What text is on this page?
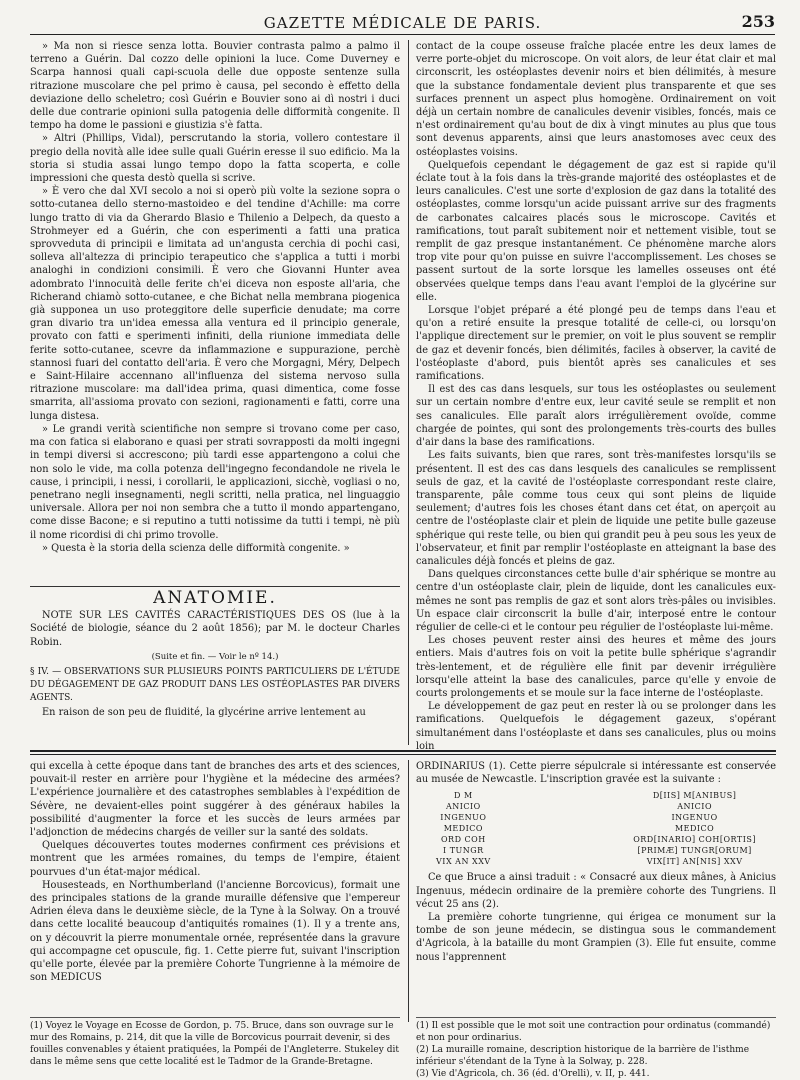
GAZETTE MÉDICALE DE PARIS.	253

» Ma non si riesce senza lotta. Bouvier contrasta palmo a palmo il terreno a Guérin. Dal cozzo delle opinioni la luce. Come Duverney e Scarpa hannosi quali capi-scuola delle due opposte sentenze sulla ritrazione muscolare che pel primo è causa, pel secondo è effetto della deviazione dello scheletro; così Guérin e Bouvier sono ai dì nostri i duci delle due contrarie opinioni sulla patogenia delle difformità congenite. Il tempo ha dome le passioni e giustizia s'è fatta.

» Altri (Phillips, Vidal), perscrutando la storia, vollero contestare il pregio della novità alle idee sulle quali Guérin eresse il suo edificio. Ma la storia si studia assai lungo tempo dopo la fatta scoperta, e colle impressioni che questa destò quella si scrive.

» È vero che dal XVI secolo a noi si operò più volte la sezione sopra o sotto-cutanea dello sterno-mastoideo e del tendine d'Achille: ma corre lungo tratto di via da Gherardo Blasio e Thilenio a Delpech, da questo a Strohmeyer ed a Guérin, che con esperimenti a fatti una pratica sprovveduta di principii e limitata ad un'angusta cerchia di pochi casi, solleva all'altezza di principio terapeutico che s'applica a tutti i morbi analoghi in condizioni consimili. È vero che Giovanni Hunter avea adombrato l'innocuità delle ferite ch'ei diceva non esposte all'aria, che Richerand chiamò sotto-cutanee, e che Bichat nella membrana piogenica già supponea un uso proteggitore delle superficie denudate; ma corre gran divario tra un'idea emessa alla ventura ed il principio generale, provato con fatti e sperimenti infiniti, della riunione immediata delle ferite sotto-cutanee, scevre da inflammazione e suppurazione, perchè stannosi fuari del contatto dell'aria. È vero che Morgagni, Méry, Delpech e Saint-Hilaire accennano all'influenza del sistema nervoso sulla ritrazione muscolare: ma dall'idea prima, quasi dimentica, come fosse smarrita, all'assioma provato con sezioni, ragionamenti e fatti, corre una lunga distesa.

» Le grandi verità scientifiche non sempre si trovano come per caso, ma con fatica si elaborano e quasi per strati sovrapposti da molti ingegni in tempi diversi si accrescono; più tardi esse appartengono a colui che non solo le vide, ma colla potenza dell'ingegno fecondandole ne rivela le cause, i principii, i nessi, i corollarii, le applicazioni, sicchè, vogliasi o no, penetrano negli insegnamenti, negli scritti, nella pratica, nel linguaggio universale. Allora per noi non sembra che a tutto il mondo appartengano, come disse Bacone; e si reputino a tutti notissime da tutti i tempi, nè più il nome ricordisi di chi primo trovolle.

» Questa è la storia della scienza delle difformità congenite. »

ANATOMIE.

NOTE SUR LES CAVITÉS CARACTÉRISTIQUES DES OS (lue à la Société de biologie, séance du 2 août 1856); par M. le docteur Charles Robin.

(Suite et fin. — Voir le nº 14.)

§ IV. — OBSERVATIONS SUR PLUSIEURS POINTS PARTICULIERS DE L'ÉTUDE DU DÉGAGEMENT DE GAZ PRODUIT DANS LES OSTÉOPLASTES PAR DIVERS AGENTS.

En raison de son peu de fluidité, la glycérine arrive lentement au

contact de la coupe osseuse fraîche placée entre les deux lames de verre porte-objet du microscope. On voit alors, de leur état clair et mal circonscrit, les ostéoplastes devenir noirs et bien délimités, à mesure que la substance fondamentale devient plus transparente et que ses surfaces prennent un aspect plus homogène. Ordinairement on voit déjà un certain nombre de canalicules devenir visibles, foncés, mais ce n'est ordinairement qu'au bout de dix à vingt minutes au plus que tous sont devenus apparents, ainsi que leurs anastomoses avec ceux des ostéoplastes voisins.

Quelquefois cependant le dégagement de gaz est si rapide qu'il éclate tout à la fois dans la très-grande majorité des ostéoplastes et de leurs canalicules. C'est une sorte d'explosion de gaz dans la totalité des ostéoplastes, comme lorsqu'un acide puissant arrive sur des fragments de carbonates calcaires placés sous le microscope. Cavités et ramifications, tout paraît subitement noir et nettement visible, tout se remplit de gaz presque instantanément. Ce phénomène marche alors trop vite pour qu'on puisse en suivre l'accomplissement. Les choses se passent surtout de la sorte lorsque les lamelles osseuses ont été observées quelque temps dans l'eau avant l'emploi de la glycérine sur elle.

Lorsque l'objet préparé a été plongé peu de temps dans l'eau et qu'on a retiré ensuite la presque totalité de celle-ci, ou lorsqu'on l'applique directement sur le premier, on voit le plus souvent se remplir de gaz et devenir foncés, bien délimités, faciles à observer, la cavité de l'ostéoplaste d'abord, puis bientôt après ses canalicules et ses ramifications.

Il est des cas dans lesquels, sur tous les ostéoplastes ou seulement sur un certain nombre d'entre eux, leur cavité seule se remplit et non ses canalicules. Elle paraît alors irrégulièrement ovoïde, comme chargée de pointes, qui sont des prolongements très-courts des bulles d'air dans la base des ramifications.

Les faits suivants, bien que rares, sont très-manifestes lorsqu'ils se présentent. Il est des cas dans lesquels des canalicules se remplissent seuls de gaz, et la cavité de l'ostéoplaste correspondant reste claire, transparente, pâle comme tous ceux qui sont pleins de liquide seulement; d'autres fois les choses étant dans cet état, on aperçoit au centre de l'ostéoplaste clair et plein de liquide une petite bulle gazeuse sphérique qui reste telle, ou bien qui grandit peu à peu sous les yeux de l'observateur, et finit par remplir l'ostéoplaste en atteignant la base des canalicules déjà foncés et pleins de gaz.

Dans quelques circonstances cette bulle d'air sphérique se montre au centre d'un ostéoplaste clair, plein de liquide, dont les canalicules eux-mêmes ne sont pas remplis de gaz et sont alors très-pâles ou invisibles. Un espace clair circonscrit la bulle d'air, interposé entre le contour régulier de celle-ci et le contour peu régulier de l'ostéoplaste lui-même.

Les choses peuvent rester ainsi des heures et même des jours entiers. Mais d'autres fois on voit la petite bulle sphérique s'agrandir très-lentement, et de régulière elle finit par devenir irrégulière lorsqu'elle atteint la base des canalicules, parce qu'elle y envoie de courts prolongements et se moule sur la face interne de l'ostéoplaste.

Le développement de gaz peut en rester là ou se prolonger dans les ramifications. Quelquefois le dégagement gazeux, s'opérant simultanément dans l'ostéoplaste et dans ses canalicules, plus ou moins loin

qui excella à cette époque dans tant de branches des arts et des sciences, pouvait-il rester en arrière pour l'hygiène et la médecine des armées? L'expérience journalière et des catastrophes semblables à l'expédition de Sévère, ne devaient-elles point suggérer à des généraux habiles la possibilité d'augmenter la force et les succès de leurs armées par l'adjonction de médecins chargés de veiller sur la santé des soldats.

Quelques découvertes toutes modernes confirment ces prévisions et montrent que les armées romaines, du temps de l'empire, étaient pourvues d'un état-major médical.

Housesteads, en Northumberland (l'ancienne Borcovicus), formait une des principales stations de la grande muraille défensive que l'empereur Adrien éleva dans le deuxième siècle, de la Tyne à la Solway. On a trouvé dans cette localité beaucoup d'antiquités romaines (1). Il y a trente ans, on y découvrit la pierre monumentale ornée, représentée dans la gravure qui accompagne cet opuscule, fig. 1. Cette pierre fut, suivant l'inscription qu'elle porte, élevée par la première Cohorte Tungrienne à la mémoire de son MEDICUS

ORDINARIUS (1). Cette pierre sépulcrale si intéressante est conservée au musée de Newcastle. L'inscription gravée est la suivante :

D M
ANICIO
INGENUO
MEDICO
ORD COH
I TUNGR
VIX AN XXV
D[IIS] M[ANIBUS]
ANICIO
INGENUO
MEDICO
ORD[INARIO] COH[ORTIS]
[PRIMÆ] TUNGR[ORUM]
VIX[IT] AN[NIS] XXV

Ce que Bruce a ainsi traduit : « Consacré aux dieux mânes, à Anicius Ingenuus, médecin ordinaire de la première cohorte des Tungriens. Il vécut 25 ans (2).

La première cohorte tungrienne, qui érigea ce monument sur la tombe de son jeune médecin, se distingua sous le commandement d'Agricola, à la bataille du mont Grampien (3). Elle fut ensuite, comme nous l'apprennent

(1) Voyez le Voyage en Ecosse de Gordon, p. 75. Bruce, dans son ouvrage sur le mur des Romains, p. 214, dit que la ville de Borcovicus pourrait devenir, si des fouilles convenables y étaient pratiquées, la Pompéi de l'Angleterre. Stukeley dit dans le même sens que cette localité est le Tadmor de la Grande-Bretagne.
(1) Il est possible que le mot soit une contraction pour ordinatus (commandé) et non pour ordinarius.
(2) La muraille romaine, description historique de la barrière de l'isthme inférieur s'étendant de la Tyne à la Solway, p. 228.
(3) Vie d'Agricola, ch. 36 (éd. d'Orelli), v. II, p. 441.
